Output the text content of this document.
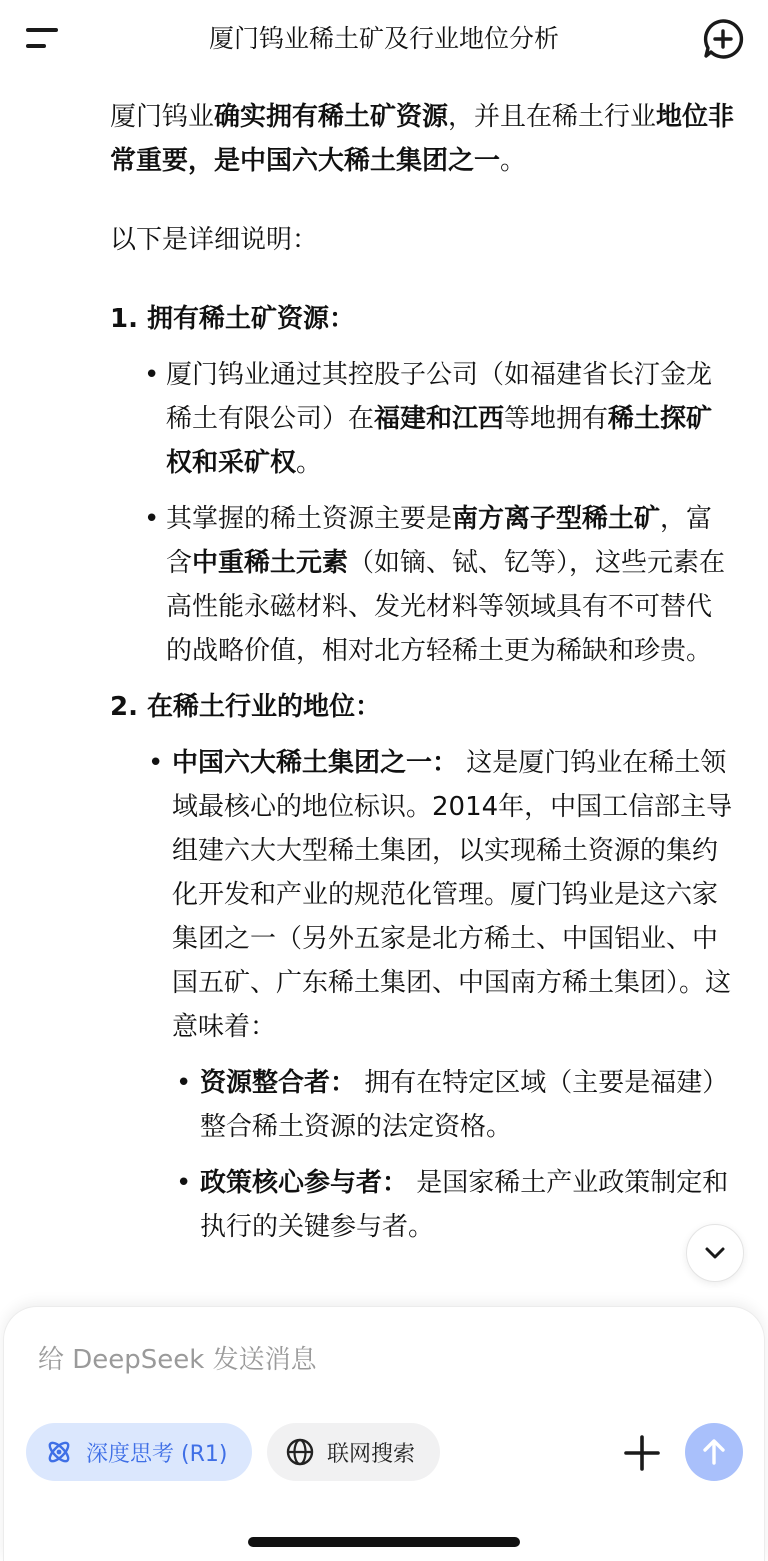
厦门钨业稀土矿及行业地位分析

厦门钨业确实拥有稀土矿资源，并且在稀土行业地位非常重要，是中国六大稀土集团之一。

以下是详细说明：

1. 拥有稀土矿资源：

• 厦门钨业通过其控股子公司（如福建省长汀金龙稀土有限公司）在福建和江西等地拥有稀土探矿权和采矿权。

• 其掌握的稀土资源主要是南方离子型稀土矿，富含中重稀土元素（如镝、铽、钇等），这些元素在高性能永磁材料、发光材料等领域具有不可替代的战略价值，相对北方轻稀土更为稀缺和珍贵。

2. 在稀土行业的地位：

• 中国六大稀土集团之一： 这是厦门钨业在稀土领域最核心的地位标识。2014年，中国工信部主导组建六大大型稀土集团，以实现稀土资源的集约化开发和产业的规范化管理。厦门钨业是这六家集团之一（另外五家是北方稀土、中国铝业、中国五矿、广东稀土集团、中国南方稀土集团）。这意味着：

• 资源整合者： 拥有在特定区域（主要是福建）整合稀土资源的法定资格。

• 政策核心参与者： 是国家稀土产业政策制定和执行的关键参与者。

给 DeepSeek 发送消息
深度思考 (R1)	联网搜索
